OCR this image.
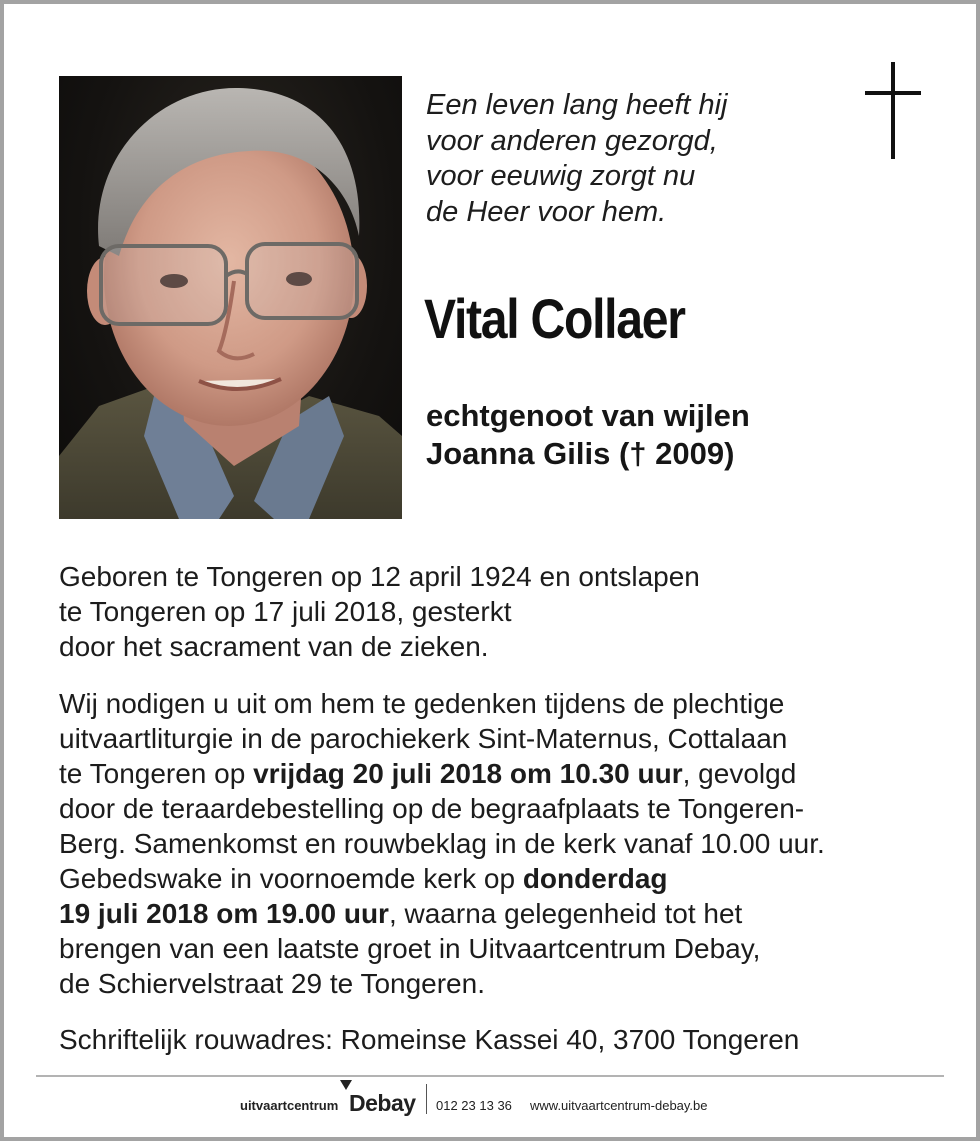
Een leven lang heeft hij
voor anderen gezorgd,
voor eeuwig zorgt nu
de Heer voor hem.
Vital Collaer
echtgenoot van wijlen
Joanna Gilis († 2009)
Geboren te Tongeren op 12 april 1924 en ontslapen
te Tongeren op 17 juli 2018, gesterkt
door het sacrament van de zieken.
Wij nodigen u uit om hem te gedenken tijdens de plechtige
uitvaartliturgie in de parochiekerk Sint-Maternus, Cottalaan
te Tongeren op vrijdag 20 juli 2018 om 10.30 uur, gevolgd
door de teraardebestelling op de begraafplaats te Tongeren-
Berg. Samenkomst en rouwbeklag in de kerk vanaf 10.00 uur.
Gebedswake in voornoemde kerk op donderdag
19 juli 2018 om 19.00 uur, waarna gelegenheid tot het
brengen van een laatste groet in Uitvaartcentrum Debay,
de Schiervelstraat 29 te Tongeren.
Schriftelijk rouwadres: Romeinse Kassei 40, 3700 Tongeren
uitvaartcentrum Debay 012 23 13 36 www.uitvaartcentrum-debay.be
